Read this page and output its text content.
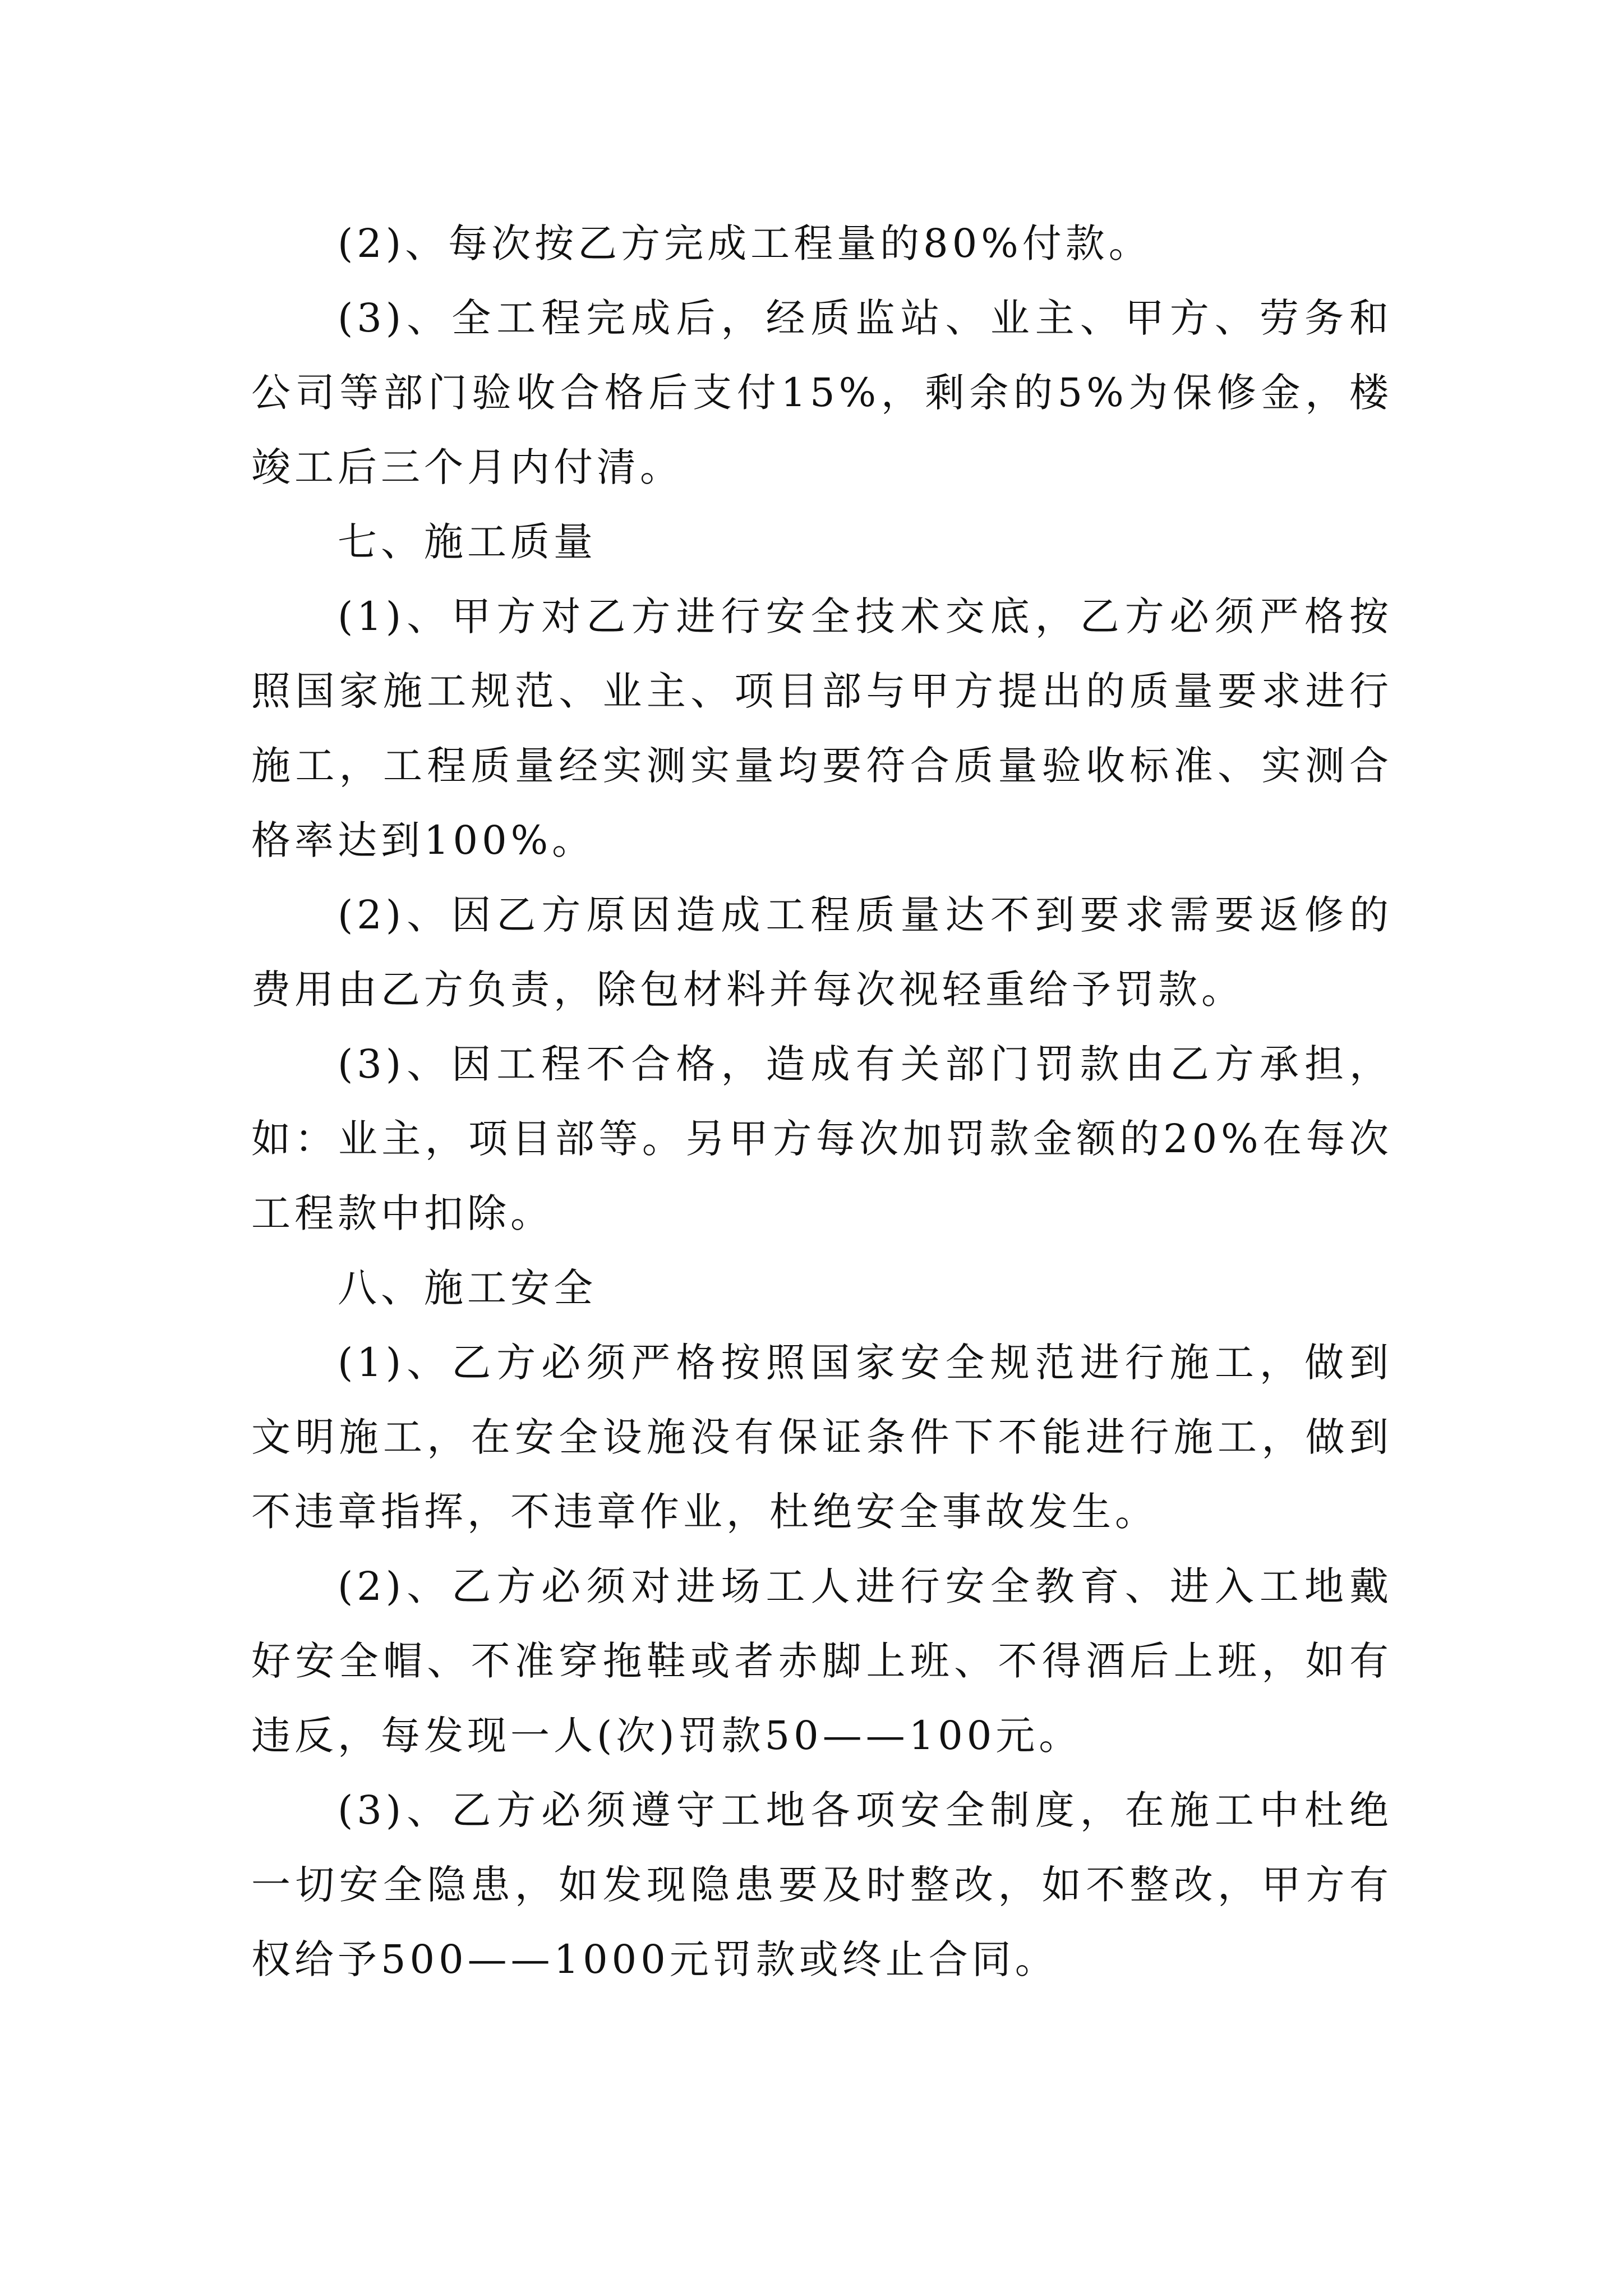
(2)、每次按乙方完成工程量的80%付款。

(3)、全工程完成后，经质监站、业主、甲方、劳务和公司等部门验收合格后支付15%，剩余的5%为保修金，楼竣工后三个月内付清。

七、施工质量

(1)、甲方对乙方进行安全技术交底，乙方必须严格按照国家施工规范、业主、项目部与甲方提出的质量要求进行施工，工程质量经实测实量均要符合质量验收标准、实测合格率达到100%。

(2)、因乙方原因造成工程质量达不到要求需要返修的费用由乙方负责，除包材料并每次视轻重给予罚款。

(3)、因工程不合格，造成有关部门罚款由乙方承担，如：业主，项目部等。另甲方每次加罚款金额的20%在每次工程款中扣除。

八、施工安全

(1)、乙方必须严格按照国家安全规范进行施工，做到文明施工，在安全设施没有保证条件下不能进行施工，做到不违章指挥，不违章作业，杜绝安全事故发生。

(2)、乙方必须对进场工人进行安全教育、进入工地戴好安全帽、不准穿拖鞋或者赤脚上班、不得酒后上班，如有违反，每发现一人(次)罚款50——100元。

(3)、乙方必须遵守工地各项安全制度，在施工中杜绝一切安全隐患，如发现隐患要及时整改，如不整改，甲方有权给予500——1000元罚款或终止合同。
